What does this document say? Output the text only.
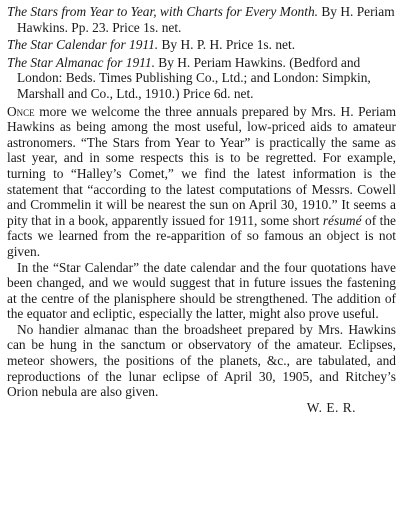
The Stars from Year to Year, with Charts for Every Month. By H. Periam Hawkins. Pp. 23. Price 1s. net.

The Star Calendar for 1911. By H. P. H. Price 1s. net.

The Star Almanac for 1911. By H. Periam Hawkins. (Bedford and London: Beds. Times Publishing Co., Ltd.; and London: Simpkin, Marshall and Co., Ltd., 1910.) Price 6d. net.

Once more we welcome the three annuals prepared by Mrs. H. Periam Hawkins as being among the most useful, low-priced aids to amateur astronomers. “The Stars from Year to Year” is practically the same as last year, and in some respects this is to be regretted. For example, turning to “Halley’s Comet,” we find the latest information is the statement that “according to the latest computations of Messrs. Cowell and Crommelin it will be nearest the sun on April 30, 1910.” It seems a pity that in a book, apparently issued for 1911, some short résumé of the facts we learned from the re-apparition of so famous an object is not given.

In the “Star Calendar” the date calendar and the four quotations have been changed, and we would suggest that in future issues the fastening at the centre of the planisphere should be strengthened. The addition of the equator and ecliptic, especially the latter, might also prove useful.

No handier almanac than the broadsheet prepared by Mrs. Hawkins can be hung in the sanctum or observatory of the amateur. Eclipses, meteor showers, the positions of the planets, &c., are tabulated, and reproductions of the lunar eclipse of April 30, 1905, and Ritchey’s Orion nebula are also given.

W. E. R.
